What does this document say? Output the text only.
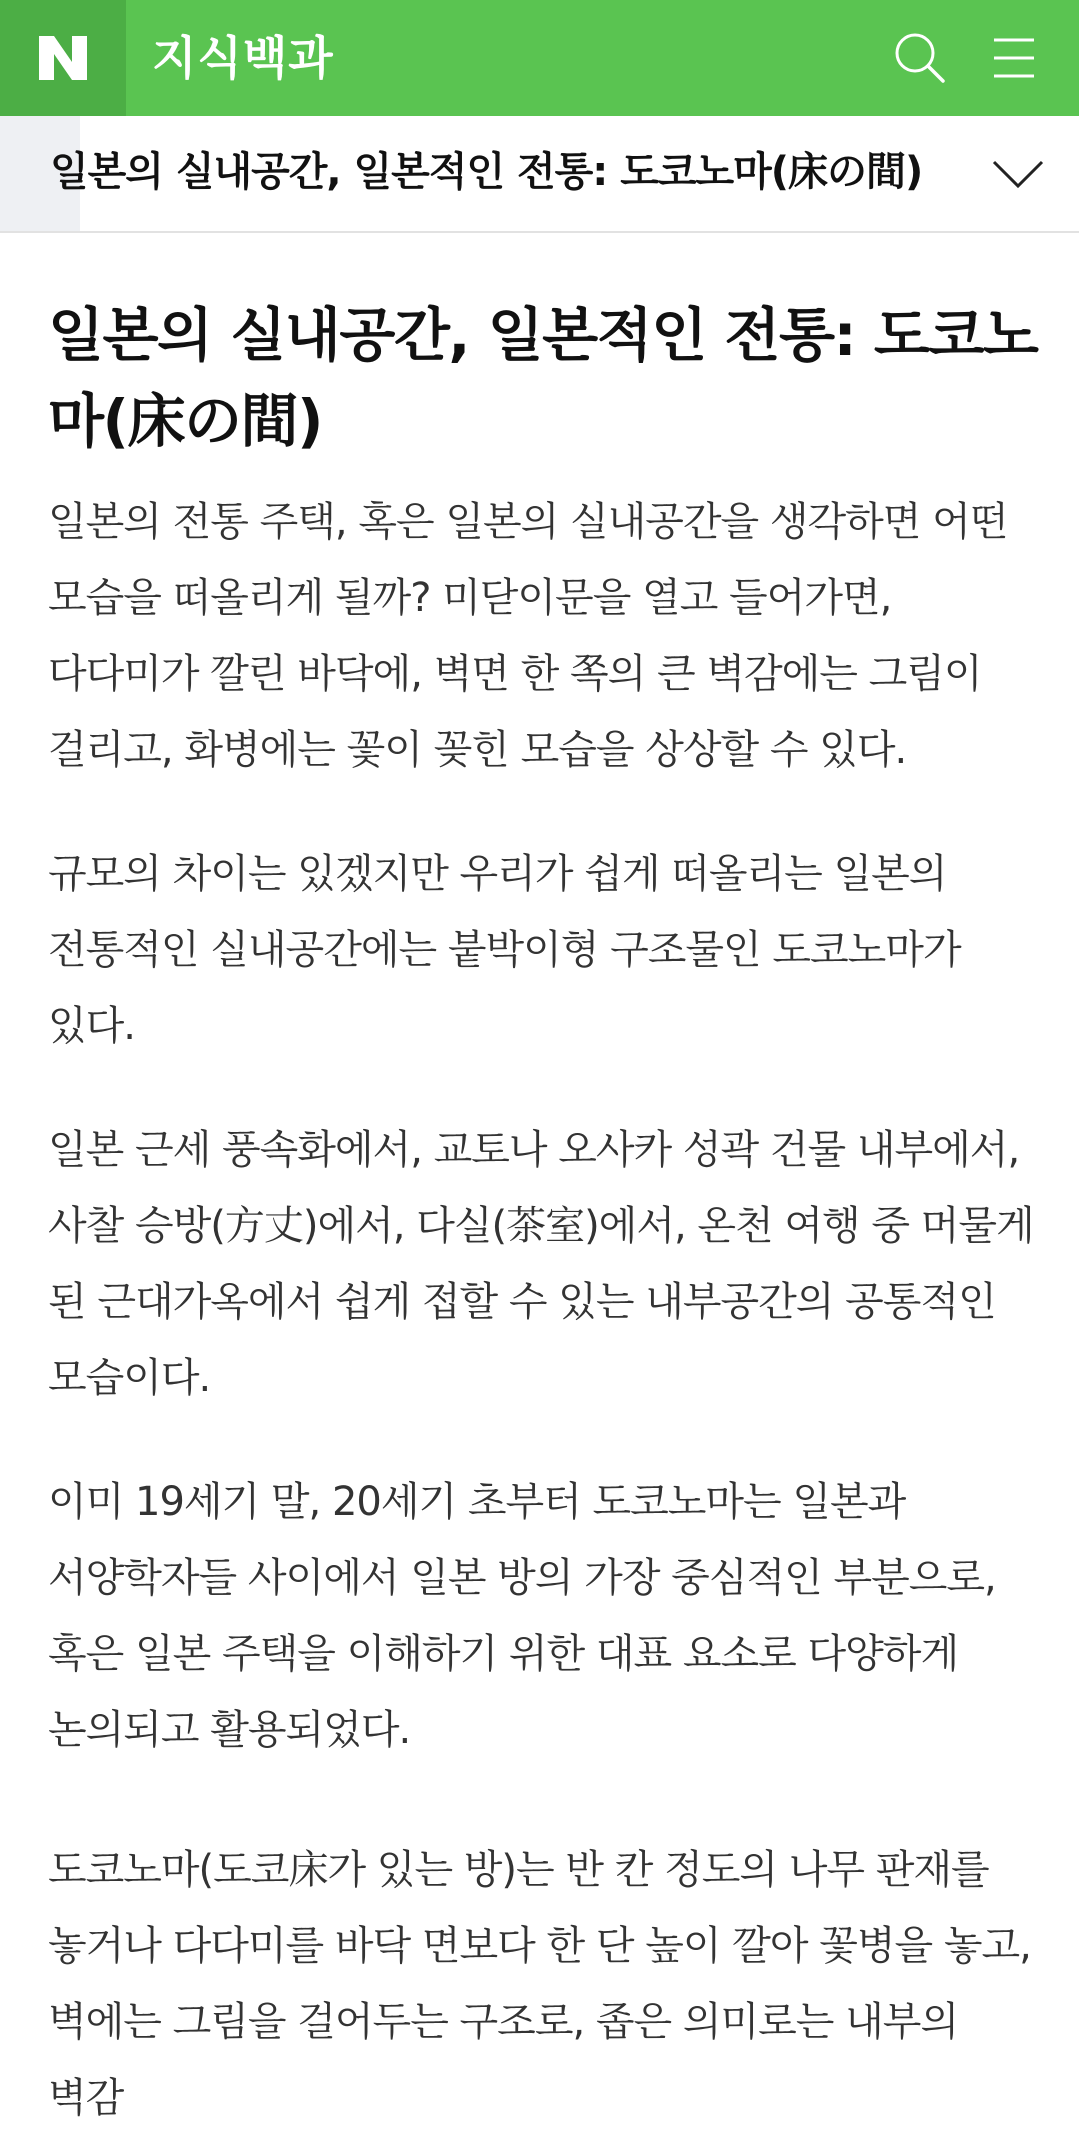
지식백과
일본의 실내공간, 일본적인 전통: 도코노마(床の間)
일본의 실내공간, 일본적인 전통: 도코노마(床の間)

일본의 전통 주택, 혹은 일본의 실내공간을 생각하면 어떤 모습을 떠올리게 될까? 미닫이문을 열고 들어가면, 다다미가 깔린 바닥에, 벽면 한 쪽의 큰 벽감에는 그림이 걸리고, 화병에는 꽃이 꽂힌 모습을 상상할 수 있다.

규모의 차이는 있겠지만 우리가 쉽게 떠올리는 일본의 전통적인 실내공간에는 붙박이형 구조물인 도코노마가 있다.

일본 근세 풍속화에서, 교토나 오사카 성곽 건물 내부에서, 사찰 승방(方丈)에서, 다실(茶室)에서, 온천 여행 중 머물게 된 근대가옥에서 쉽게 접할 수 있는 내부공간의 공통적인 모습이다.

이미 19세기 말, 20세기 초부터 도코노마는 일본과 서양학자들 사이에서 일본 방의 가장 중심적인 부분으로, 혹은 일본 주택을 이해하기 위한 대표 요소로 다양하게 논의되고 활용되었다.

도코노마(도코床가 있는 방)는 반 칸 정도의 나무 판재를 놓거나 다다미를 바닥 면보다 한 단 높이 깔아 꽃병을 놓고, 벽에는 그림을 걸어두는 구조로, 좁은 의미로는 내부의 벽감
